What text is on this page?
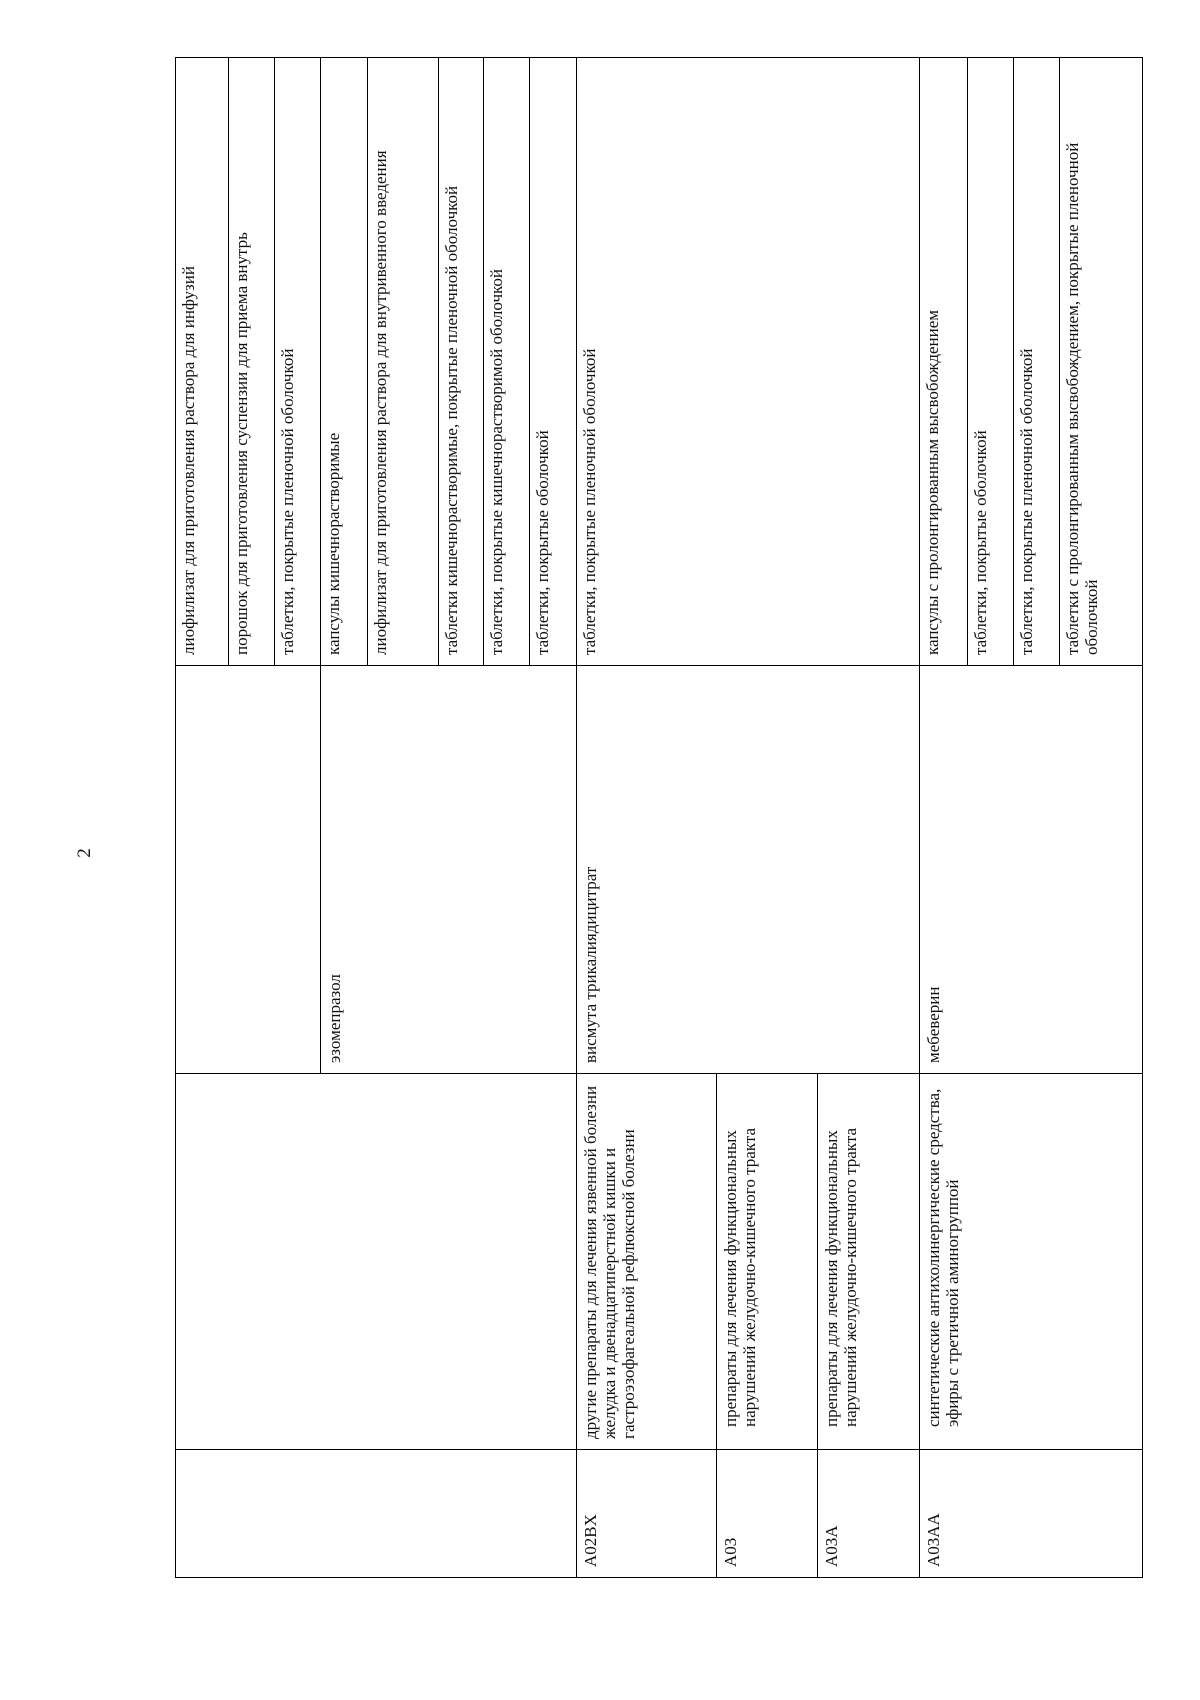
2
			лиофилизат для приготовления раствора для инфузий
			порошок для приготовления суспензии для приема внутрь
			таблетки, покрытые пленочной оболочкой
		эзомепразол	капсулы кишечнорастворимые
			лиофилизат для приготовления раствора для внутривенного введения
			таблетки кишечнорастворимые, покрытые пленочной оболочкой
			таблетки, покрытые кишечнорастворимой оболочкой
			таблетки, покрытые оболочкой
A02BX	другие препараты для лечения язвенной болезни желудка и двенадцатиперстной кишки и гастроэзофагеальной рефлюксной болезни	висмута трикалиядицитрат	таблетки, покрытые пленочной оболочкой
A03	препараты для лечения функциональных нарушений желудочно-кишечного тракта		
A03A	препараты для лечения функциональных нарушений желудочно-кишечного тракта		
A03AA	синтетические антихолинергические средства, эфиры с третичной аминогруппой	мебеверин	капсулы с пролонгированным высвобождением
			таблетки, покрытые оболочкой
			таблетки, покрытые пленочной оболочкой
			таблетки с пролонгированным высвобождением, покрытые пленочной оболочкой
